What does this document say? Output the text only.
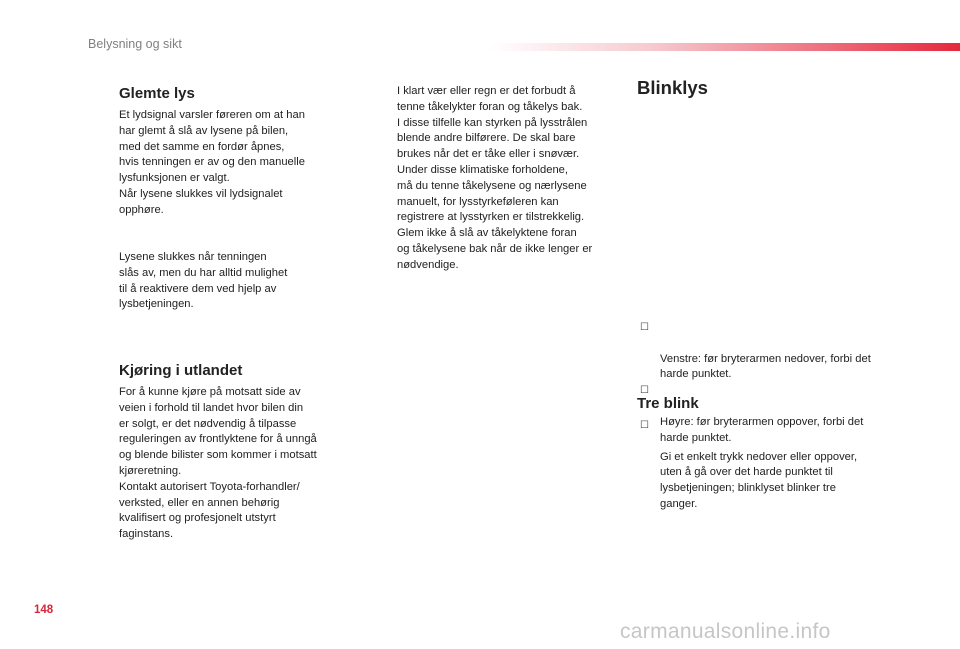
Belysning og sikt
Glemte lys
Et lydsignal varsler føreren om at han
har glemt å slå av lysene på bilen,
med det samme en fordør åpnes,
hvis tenningen er av og den manuelle
lysfunksjonen er valgt.
Når lysene slukkes vil lydsignalet
opphøre.
Lysene slukkes når tenningen
slås av, men du har alltid mulighet
til å reaktivere dem ved hjelp av
lysbetjeningen.
Kjøring i utlandet
For å kunne kjøre på motsatt side av
veien i forhold til landet hvor bilen din
er solgt, er det nødvendig å tilpasse
reguleringen av frontlyktene for å unngå
og blende bilister som kommer i motsatt
kjøreretning.
Kontakt autorisert Toyota-forhandler/
verksted, eller en annen behørig
kvalifisert og profesjonelt utstyrt
faginstans.
I klart vær eller regn er det forbudt å
tenne tåkelykter foran og tåkelys bak.
I disse tilfelle kan styrken på lysstrålen
blende andre bilførere. De skal bare
brukes når det er tåke eller i snøvær.
Under disse klimatiske forholdene,
må du tenne tåkelysene og nærlysene
manuelt, for lysstyrkeføleren kan
registrere at lysstyrken er tilstrekkelig.
Glem ikke å slå av tåkelyktene foran
og tåkelysene bak når de ikke lenger er
nødvendige.
Blinklys

☐

Venstre: før bryterarmen nedover, forbi det
harde punktet.

☐

Høyre: før bryterarmen oppover, forbi det
harde punktet.

Tre blink

☐

Gi et enkelt trykk nedover eller oppover,
uten å gå over det harde punktet til
lysbetjeningen; blinklyset blinker tre
ganger.

148
carmanualsonline.info
